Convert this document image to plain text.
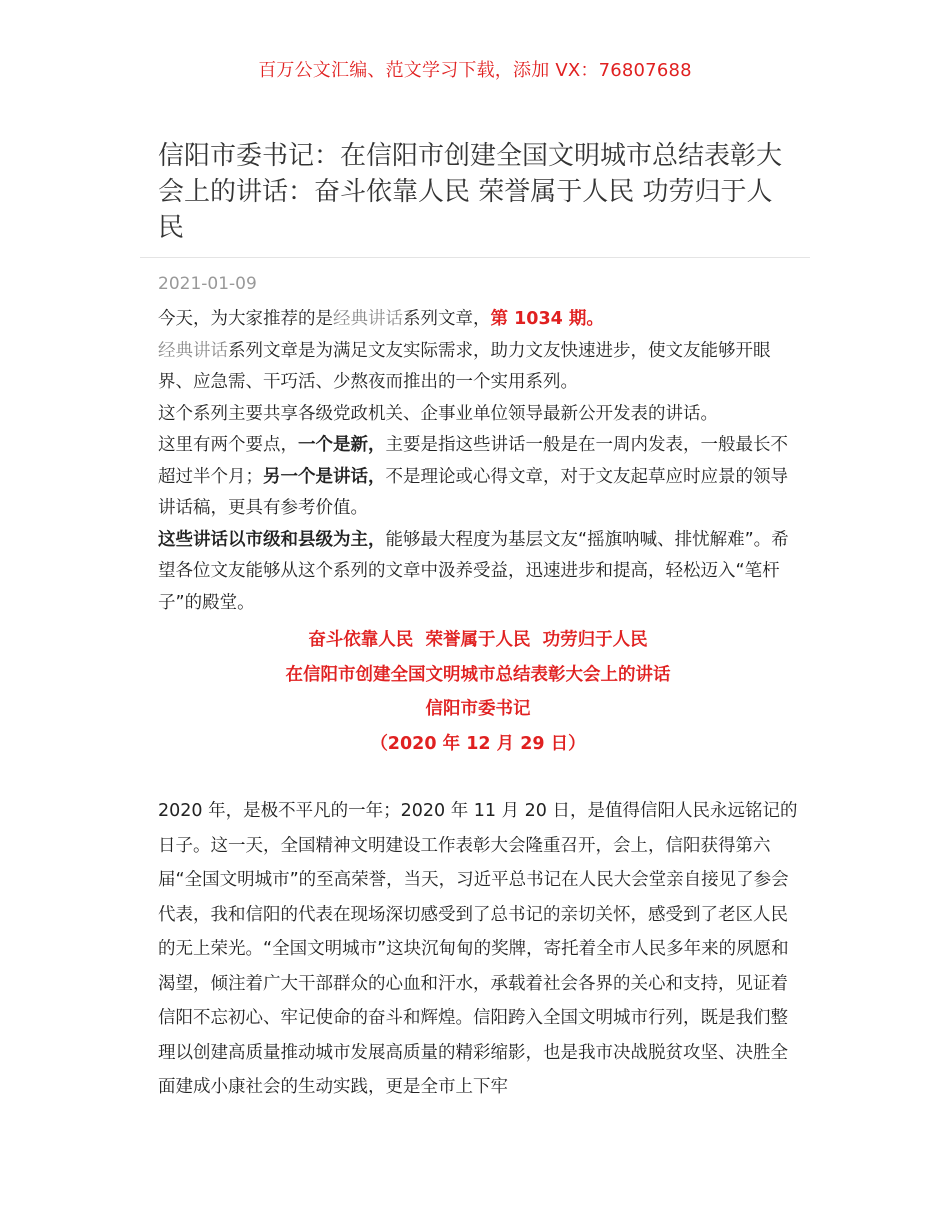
百万公文汇编、范文学习下载，添加 VX：76807688
信阳市委书记：在信阳市创建全国文明城市总结表彰大会上的讲话：奋斗依靠人民 荣誉属于人民 功劳归于人民
2021-01-09

今天，为大家推荐的是经典讲话系列文章，第 1034 期。

经典讲话系列文章是为满足文友实际需求，助力文友快速进步，使文友能够开眼界、应急需、干巧活、少熬夜而推出的一个实用系列。

这个系列主要共享各级党政机关、企事业单位领导最新公开发表的讲话。

这里有两个要点，一个是新，主要是指这些讲话一般是在一周内发表，一般最长不超过半个月；另一个是讲话，不是理论或心得文章，对于文友起草应时应景的领导讲话稿，更具有参考价值。

这些讲话以市级和县级为主，能够最大程度为基层文友“摇旗呐喊、排忧解难”。希望各位文友能够从这个系列的文章中汲养受益，迅速进步和提高，轻松迈入“笔杆子”的殿堂。

奋斗依靠人民  荣誉属于人民  功劳归于人民
在信阳市创建全国文明城市总结表彰大会上的讲话
信阳市委书记
（2020 年 12 月 29 日）

2020 年，是极不平凡的一年；2020 年 11 月 20 日，是值得信阳人民永远铭记的日子。这一天，全国精神文明建设工作表彰大会隆重召开，会上，信阳获得第六届“全国文明城市”的至高荣誉，当天，习近平总书记在人民大会堂亲自接见了参会代表，我和信阳的代表在现场深切感受到了总书记的亲切关怀，感受到了老区人民的无上荣光。“全国文明城市”这块沉甸甸的奖牌，寄托着全市人民多年来的夙愿和渴望，倾注着广大干部群众的心血和汗水，承载着社会各界的关心和支持，见证着信阳不忘初心、牢记使命的奋斗和辉煌。信阳跨入全国文明城市行列，既是我们整理以创建高质量推动城市发展高质量的精彩缩影，也是我市决战脱贫攻坚、决胜全面建成小康社会的生动实践，更是全市上下牢
